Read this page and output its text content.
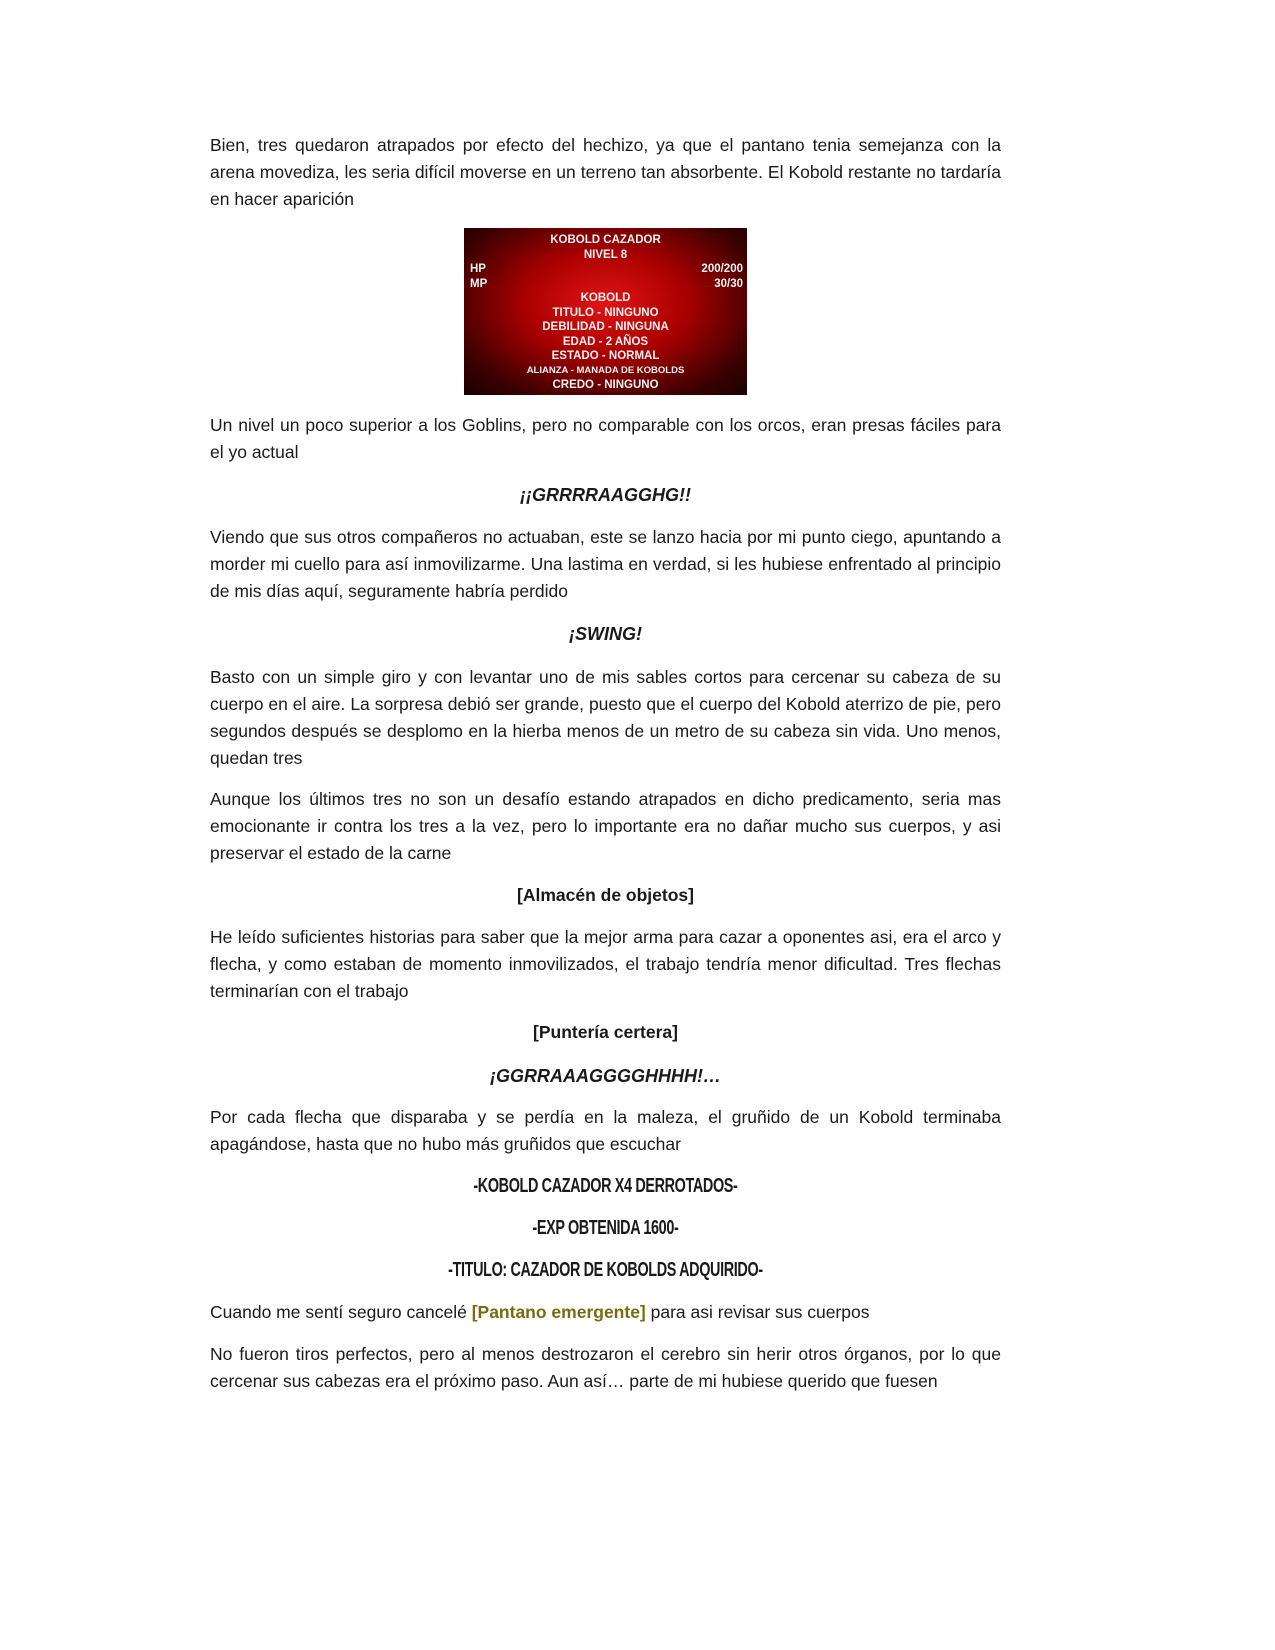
Bien, tres quedaron atrapados por efecto del hechizo, ya que el pantano tenia semejanza con la arena movediza, les seria difícil moverse en un terreno tan absorbente. El Kobold restante no tardaría en hacer aparición
KOBOLD CAZADOR
NIVEL 8
HP	200/200
MP	30/30
KOBOLD
TITULO - NINGUNO
DEBILIDAD - NINGUNA
EDAD - 2 AÑOS
ESTADO - NORMAL
ALIANZA - MANADA DE KOBOLDS
CREDO - NINGUNO
Un nivel un poco superior a los Goblins, pero no comparable con los orcos, eran presas fáciles para el yo actual
¡¡GRRRRAAGGHG!!
Viendo que sus otros compañeros no actuaban, este se lanzo hacia por mi punto ciego, apuntando a morder mi cuello para así inmovilizarme. Una lastima en verdad, si les hubiese enfrentado al principio de mis días aquí, seguramente habría perdido
¡SWING!
Basto con un simple giro y con levantar uno de mis sables cortos para cercenar su cabeza de su cuerpo en el aire. La sorpresa debió ser grande, puesto que el cuerpo del Kobold aterrizo de pie, pero segundos después se desplomo en la hierba menos de un metro de su cabeza sin vida. Uno menos, quedan tres
Aunque los últimos tres no son un desafío estando atrapados en dicho predicamento, seria mas emocionante ir contra los tres a la vez, pero lo importante era no dañar mucho sus cuerpos, y asi preservar el estado de la carne
[Almacén de objetos]
He leído suficientes historias para saber que la mejor arma para cazar a oponentes asi, era el arco y flecha, y como estaban de momento inmovilizados, el trabajo tendría menor dificultad. Tres flechas terminarían con el trabajo
[Puntería certera]
¡GGRRAAAGGGGHHHH!…
Por cada flecha que disparaba y se perdía en la maleza, el gruñido de un Kobold terminaba apagándose, hasta que no hubo más gruñidos que escuchar
-KOBOLD CAZADOR X4 DERROTADOS-
-EXP OBTENIDA 1600-
-TITULO: CAZADOR DE KOBOLDS ADQUIRIDO-
Cuando me sentí seguro cancelé [Pantano emergente] para asi revisar sus cuerpos
No fueron tiros perfectos, pero al menos destrozaron el cerebro sin herir otros órganos, por lo que cercenar sus cabezas era el próximo paso. Aun así… parte de mi hubiese querido que fuesen
